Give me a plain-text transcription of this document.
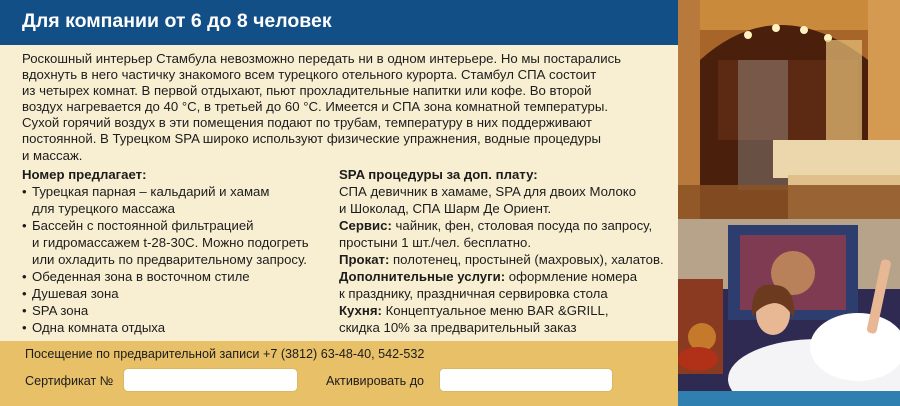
Для компании от 6 до 8 человек
Роскошный интерьер Стамбула невозможно передать ни в одном интерьере. Но мы постарались
вдохнуть в него частичку знакомого всем турецкого отельного курорта. Стамбул СПА состоит
из четырех комнат. В первой отдыхают, пьют прохладительные напитки или кофе. Во второй
воздух нагревается до 40 °С, в третьей до 60 °С. Имеется и СПА зона комнатной температуры.
Сухой горячий воздух в эти помещения подают по трубам, температуру в них поддерживают
постоянной. В Турецком SPA широко используют физические упражнения, водные процедуры
и массаж.
Номер предлагает:
• Турецкая парная – кальдарий и хамам
для турецкого массажа
• Бассейн с постоянной фильтрацией
и гидромассажем t-28-30C. Можно подогреть
или охладить по предварительному запросу.
• Обеденная зона в восточном стиле
• Душевая зона
• SPA зона
• Одна комната отдыха
SPA процедуры за доп. плату:
СПА девичник в хамаме, SPA для двоих Молоко
и Шоколад, СПА Шарм Де Ориент.
Сервис: чайник, фен, столовая посуда по запросу,
простыни 1 шт./чел. бесплатно.
Прокат: полотенец, простыней (махровых), халатов.
Дополнительные услуги: оформление номера
к празднику, праздничная сервировка стола
Кухня: Концептуальное меню BAR &GRILL,
скидка 10% за предварительный заказ
Посещение по предварительной записи +7 (3812) 63-48-40, 542-532
Сертификат №	Активировать до
